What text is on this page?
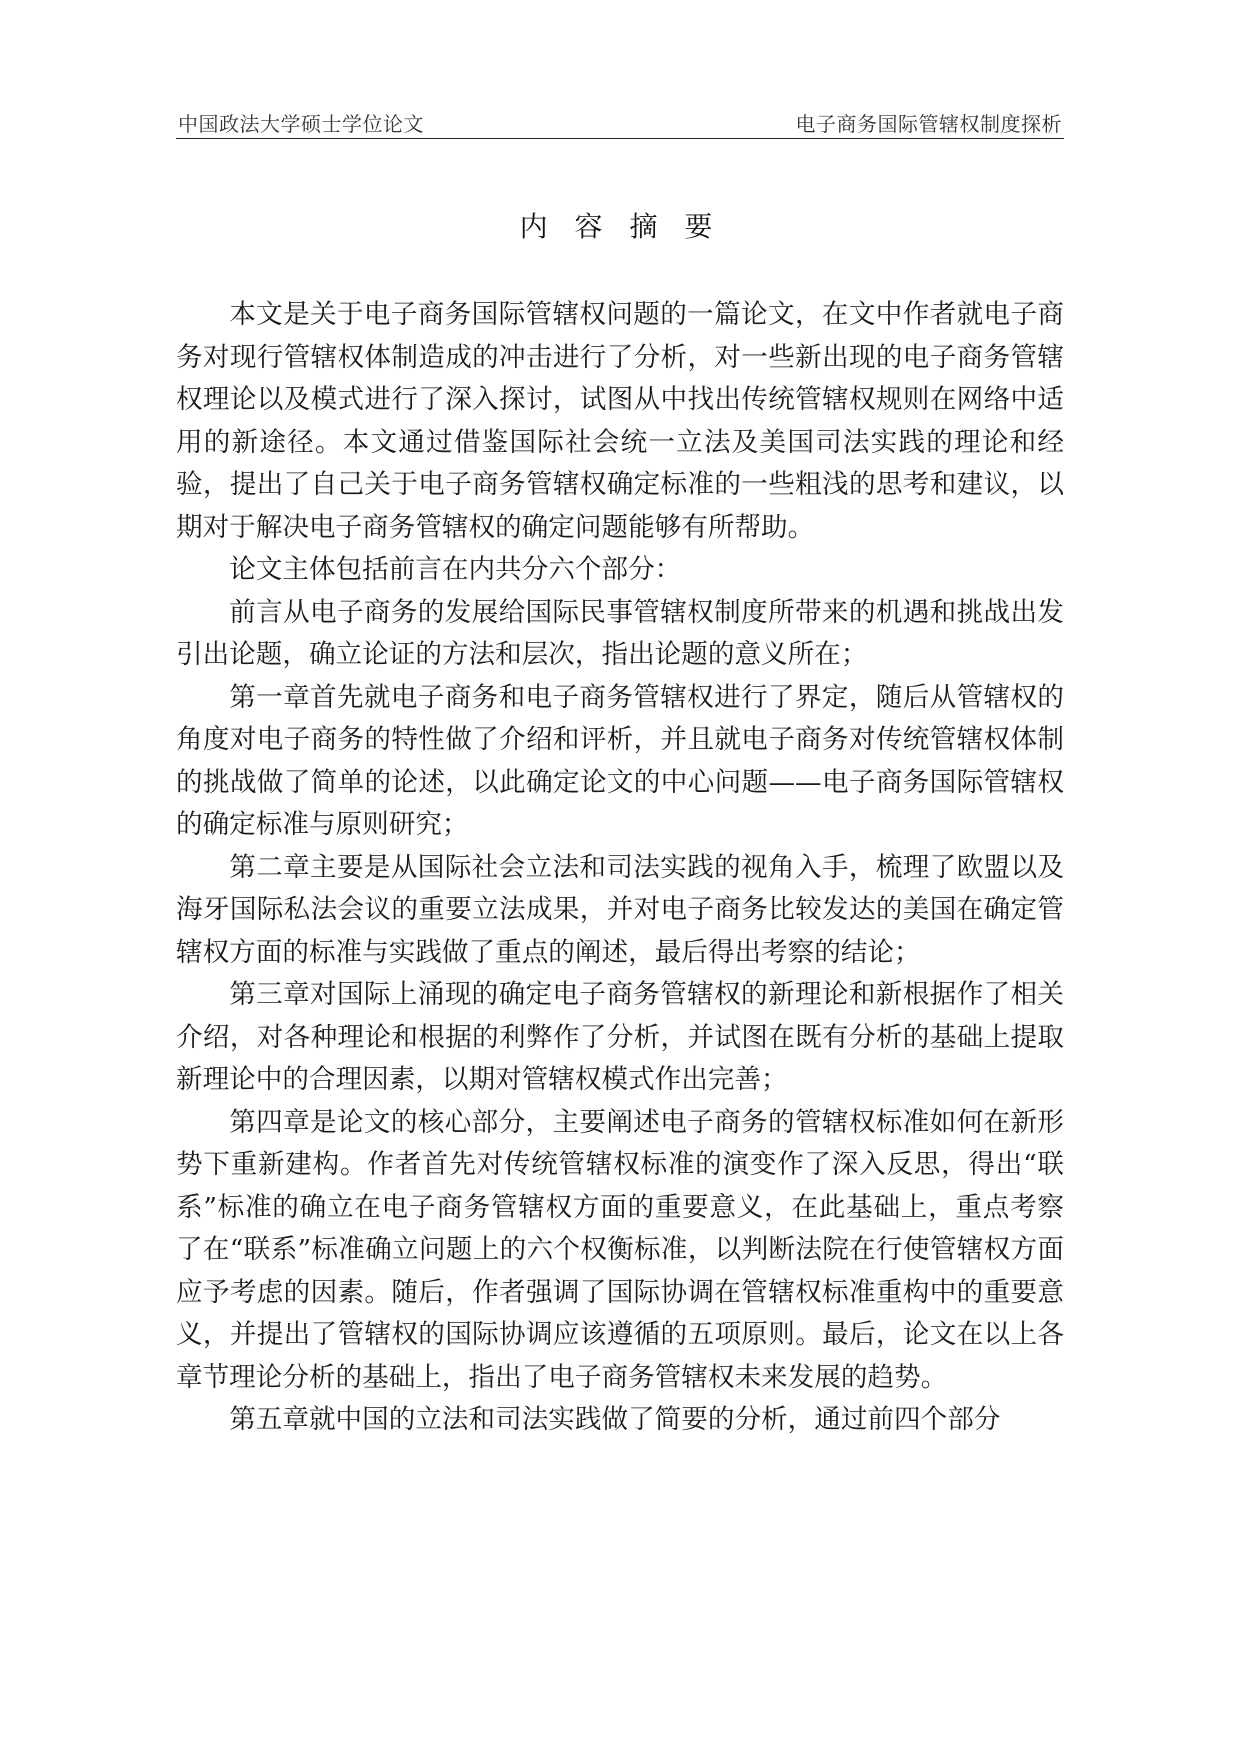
中国政法大学硕士学位论文	电子商务国际管辖权制度探析
内 容 摘 要

本文是关于电子商务国际管辖权问题的一篇论文，在文中作者就电子商务对现行管辖权体制造成的冲击进行了分析，对一些新出现的电子商务管辖权理论以及模式进行了深入探讨，试图从中找出传统管辖权规则在网络中适用的新途径。本文通过借鉴国际社会统一立法及美国司法实践的理论和经验，提出了自己关于电子商务管辖权确定标准的一些粗浅的思考和建议，以期对于解决电子商务管辖权的确定问题能够有所帮助。

论文主体包括前言在内共分六个部分：

前言从电子商务的发展给国际民事管辖权制度所带来的机遇和挑战出发引出论题，确立论证的方法和层次，指出论题的意义所在；

第一章首先就电子商务和电子商务管辖权进行了界定，随后从管辖权的角度对电子商务的特性做了介绍和评析，并且就电子商务对传统管辖权体制的挑战做了简单的论述，以此确定论文的中心问题——电子商务国际管辖权的确定标准与原则研究；

第二章主要是从国际社会立法和司法实践的视角入手，梳理了欧盟以及海牙国际私法会议的重要立法成果，并对电子商务比较发达的美国在确定管辖权方面的标准与实践做了重点的阐述，最后得出考察的结论；

第三章对国际上涌现的确定电子商务管辖权的新理论和新根据作了相关介绍，对各种理论和根据的利弊作了分析，并试图在既有分析的基础上提取新理论中的合理因素，以期对管辖权模式作出完善；

第四章是论文的核心部分，主要阐述电子商务的管辖权标准如何在新形势下重新建构。作者首先对传统管辖权标准的演变作了深入反思，得出“联系”标准的确立在电子商务管辖权方面的重要意义，在此基础上，重点考察了在“联系”标准确立问题上的六个权衡标准，以判断法院在行使管辖权方面应予考虑的因素。随后，作者强调了国际协调在管辖权标准重构中的重要意义，并提出了管辖权的国际协调应该遵循的五项原则。最后，论文在以上各章节理论分析的基础上，指出了电子商务管辖权未来发展的趋势。

第五章就中国的立法和司法实践做了简要的分析，通过前四个部分
